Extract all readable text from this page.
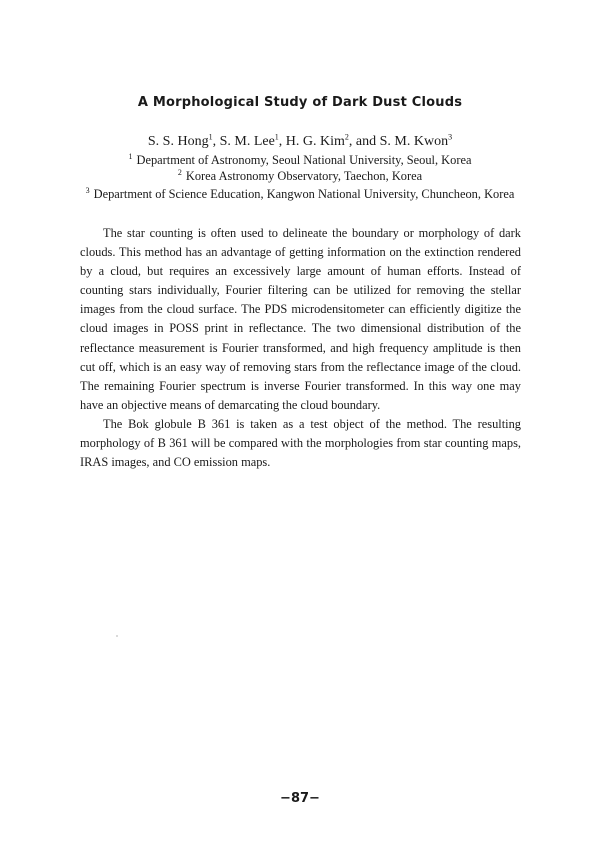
A Morphological Study of Dark Dust Clouds
S. S. Hong$^1$, S. M. Lee$^1$, H. G. Kim$^2$, and S. M. Kwon$^3$
$^1$ Department of Astronomy, Seoul National University, Seoul, Korea
$^2$ Korea Astronomy Observatory, Taechon, Korea
$^3$ Department of Science Education, Kangwon National University, Chuncheon, Korea

The star counting is often used to delineate the boundary or morphology of dark clouds. This method has an advantage of getting information on the extinction rendered by a cloud, but requires an excessively large amount of human efforts. Instead of counting stars individually, Fourier filtering can be utilized for removing the stellar images from the cloud surface. The PDS microdensitometer can efficiently digitize the cloud images in POSS print in reflectance. The two dimensional distribution of the reflectance measurement is Fourier transformed, and high frequency amplitude is then cut off, which is an easy way of removing stars from the reflectance image of the cloud. The remaining Fourier spectrum is inverse Fourier transformed. In this way one may have an objective means of demarcating the cloud boundary.

The Bok globule B 361 is taken as a test object of the method. The resulting morphology of B 361 will be compared with the morphologies from star counting maps, IRAS images, and CO emission maps.

−87−
